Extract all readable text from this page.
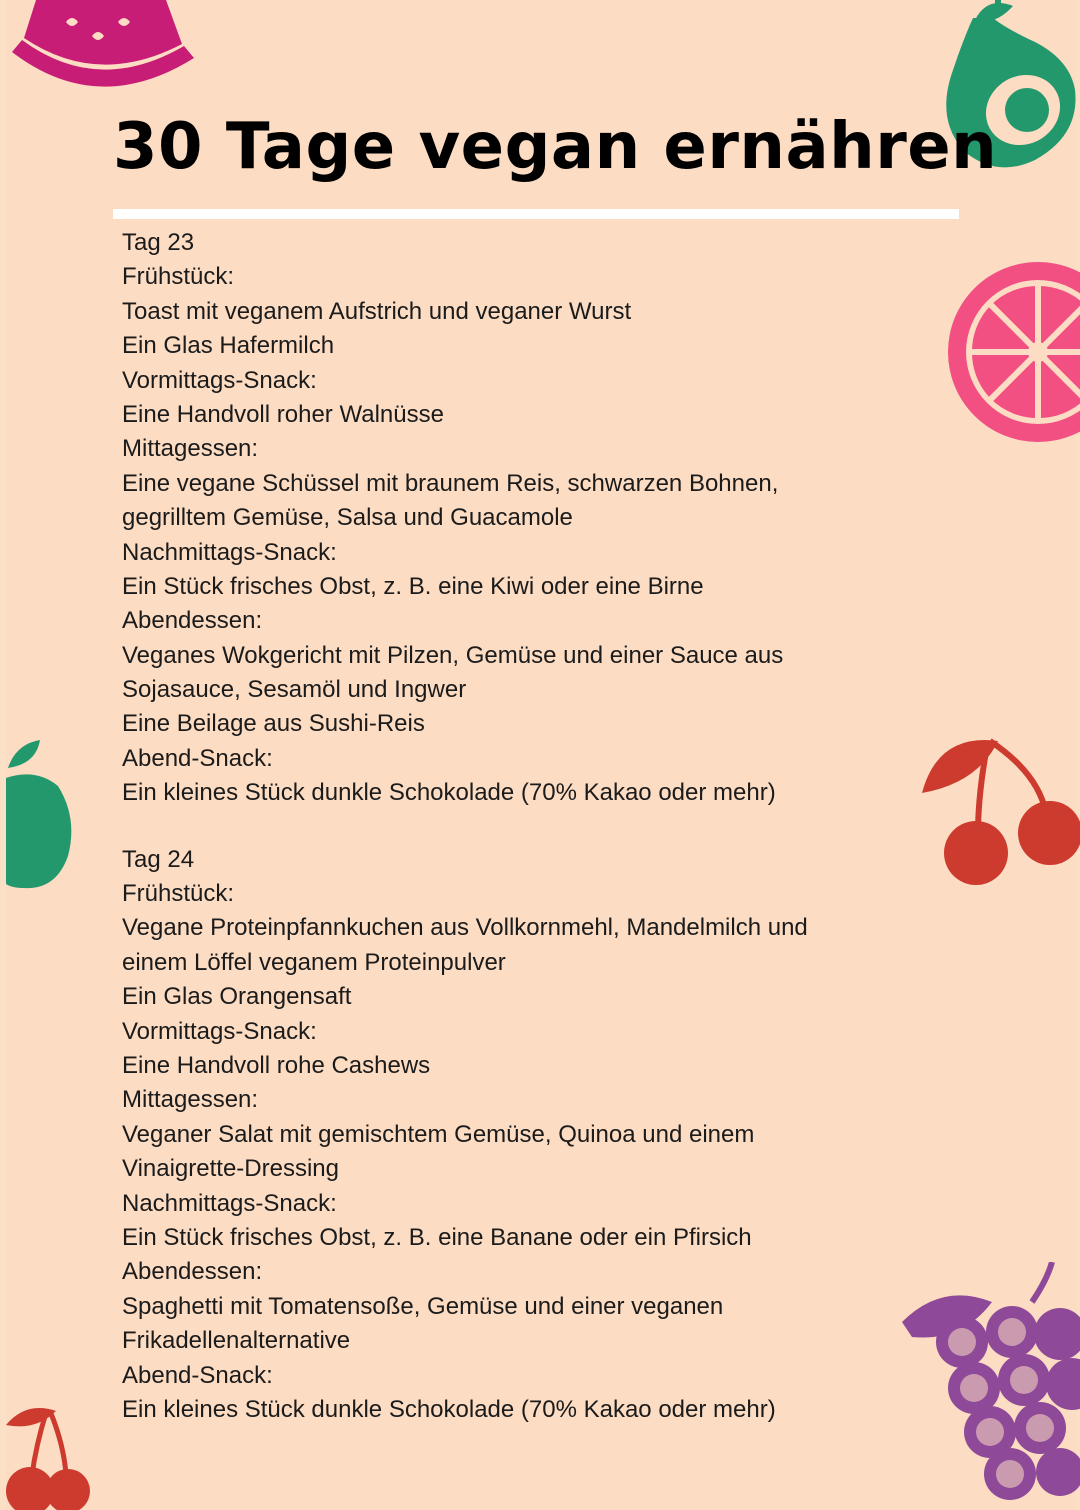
30 Tage vegan ernähren
Tag 23
Frühstück:
Toast mit veganem Aufstrich und veganer Wurst
Ein Glas Hafermilch
Vormittags-Snack:
Eine Handvoll roher Walnüsse
Mittagessen:
Eine vegane Schüssel mit braunem Reis, schwarzen Bohnen,
gegrilltem Gemüse, Salsa und Guacamole
Nachmittags-Snack:
Ein Stück frisches Obst, z. B. eine Kiwi oder eine Birne
Abendessen:
Veganes Wokgericht mit Pilzen, Gemüse und einer Sauce aus
Sojasauce, Sesamöl und Ingwer
Eine Beilage aus Sushi-Reis
Abend-Snack:
Ein kleines Stück dunkle Schokolade (70% Kakao oder mehr)
Tag 24
Frühstück:
Vegane Proteinpfannkuchen aus Vollkornmehl, Mandelmilch und
einem Löffel veganem Proteinpulver
Ein Glas Orangensaft
Vormittags-Snack:
Eine Handvoll rohe Cashews
Mittagessen:
Veganer Salat mit gemischtem Gemüse, Quinoa und einem
Vinaigrette-Dressing
Nachmittags-Snack:
Ein Stück frisches Obst, z. B. eine Banane oder ein Pfirsich
Abendessen:
Spaghetti mit Tomatensoße, Gemüse und einer veganen
Frikadellenalternative
Abend-Snack:
Ein kleines Stück dunkle Schokolade (70% Kakao oder mehr)
